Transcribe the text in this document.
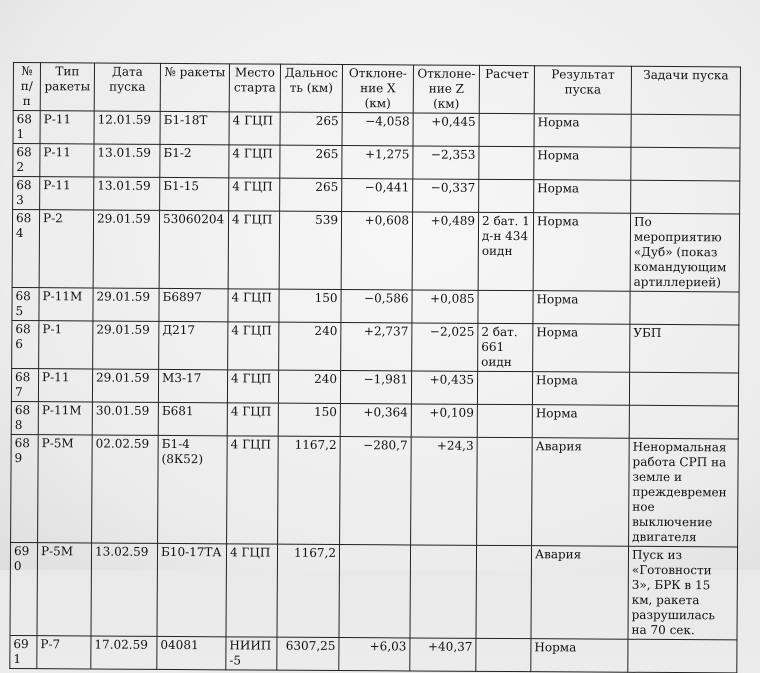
№ п/п	Тип ракеты	Дата пуска	№ ракеты	Место старта	Дальность (км)	Отклоне-ние X (км)	Отклоне-ние Z (км)	Расчет	Результат пуска	Задачи пуска
681	Р-11	12.01.59	Б1-18Т	4 ГЦП	265	−4,058	+0,445		Норма	
682	Р-11	13.01.59	Б1-2	4 ГЦП	265	+1,275	−2,353		Норма	
683	Р-11	13.01.59	Б1-15	4 ГЦП	265	−0,441	−0,337		Норма	
684	Р-2	29.01.59	53060204	4 ГЦП	539	+0,608	+0,489	2 бат. 1 д-н 434 оидн	Норма	По мероприятию «Дуб» (показ командующим артиллерией)
685	Р-11М	29.01.59	Б6897	4 ГЦП	150	−0,586	+0,085		Норма	
686	Р-1	29.01.59	Д217	4 ГЦП	240	+2,737	−2,025	2 бат. 661 оидн	Норма	УБП
687	Р-11	29.01.59	М3-17	4 ГЦП	240	−1,981	+0,435		Норма	
688	Р-11М	30.01.59	Б681	4 ГЦП	150	+0,364	+0,109		Норма	
689	Р-5М	02.02.59	Б1-4 (8К52)	4 ГЦП	1167,2	−280,7	+24,3		Авария	Ненормальная работа СРП на земле и преждевременное выключение двигателя
690	Р-5М	13.02.59	Б10-17ТА	4 ГЦП	1167,2				Авария	Пуск из «Готовности 3», БРК в 15 км, ракета разрушилась на 70 сек.
691	Р-7	17.02.59	04081	НИИП-5	6307,25	+6,03	+40,37		Норма	
